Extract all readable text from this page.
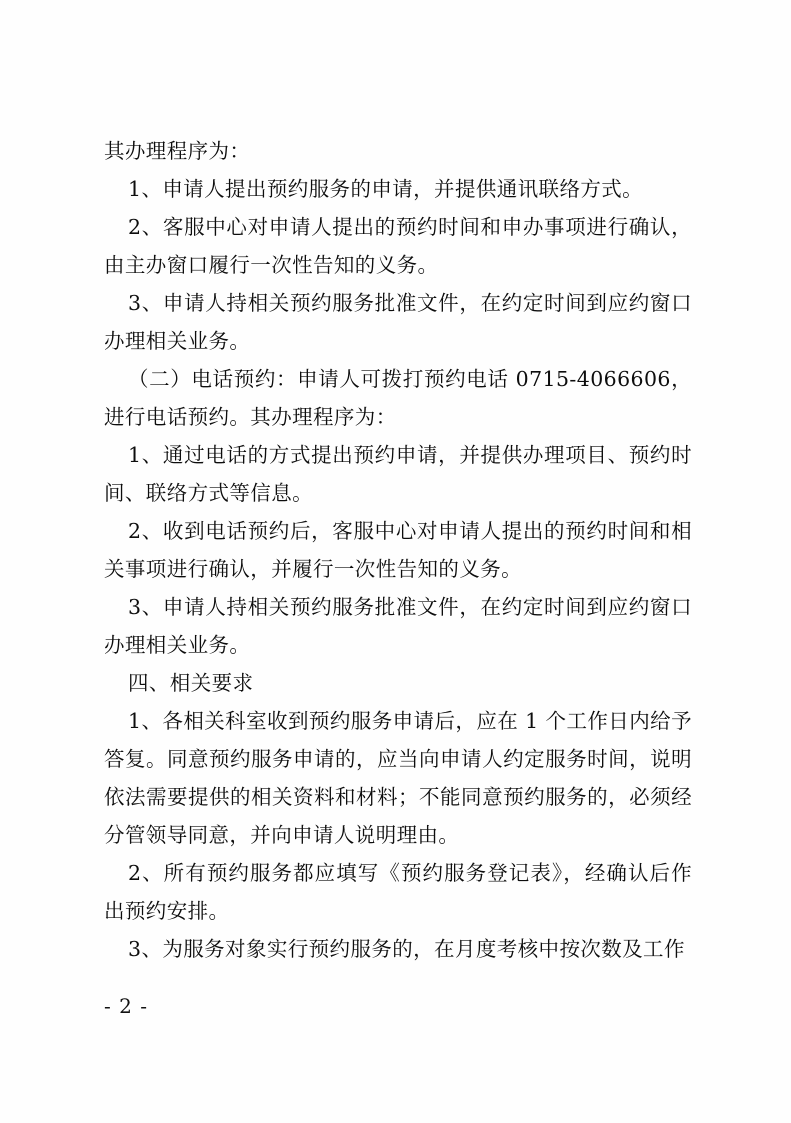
其办理程序为：

1、申请人提出预约服务的申请，并提供通讯联络方式。

2、客服中心对申请人提出的预约时间和申办事项进行确认，由主办窗口履行一次性告知的义务。

3、申请人持相关预约服务批准文件，在约定时间到应约窗口办理相关业务。

（二）电话预约：申请人可拨打预约电话 0715-4066606，进行电话预约。其办理程序为：

1、通过电话的方式提出预约申请，并提供办理项目、预约时间、联络方式等信息。

2、收到电话预约后，客服中心对申请人提出的预约时间和相关事项进行确认，并履行一次性告知的义务。

3、申请人持相关预约服务批准文件，在约定时间到应约窗口办理相关业务。

四、相关要求

1、各相关科室收到预约服务申请后，应在 1 个工作日内给予答复。同意预约服务申请的，应当向申请人约定服务时间，说明依法需要提供的相关资料和材料；不能同意预约服务的，必须经分管领导同意，并向申请人说明理由。

2、所有预约服务都应填写《预约服务登记表》，经确认后作出预约安排。

3、为服务对象实行预约服务的，在月度考核中按次数及工作

- 2 -
